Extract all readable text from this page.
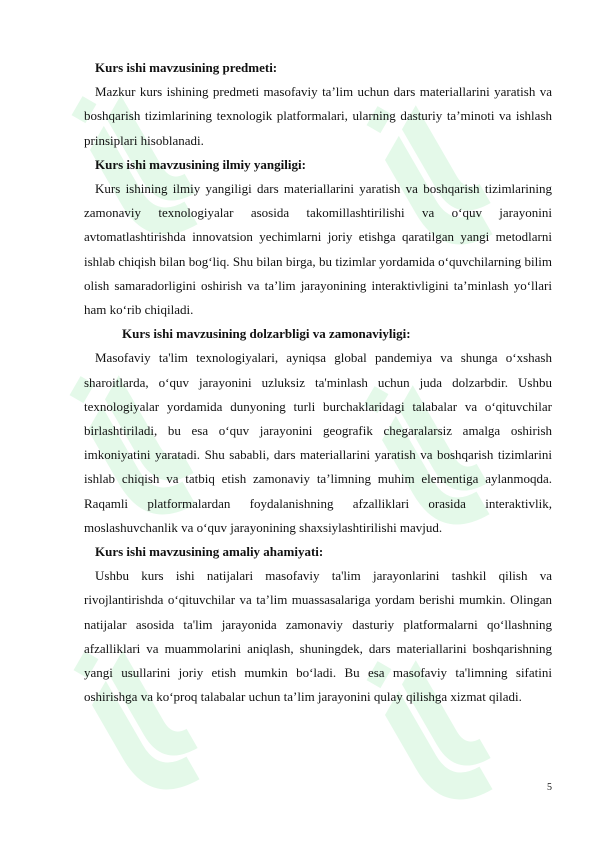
Kurs ishi mavzusining predmeti:

Mazkur kurs ishining predmeti masofaviy ta’lim uchun dars materiallarini yaratish va boshqarish tizimlarining texnologik platformalari, ularning dasturiy ta’minoti va ishlash prinsiplari hisoblanadi.

Kurs ishi mavzusining ilmiy yangiligi:

Kurs ishining ilmiy yangiligi dars materiallarini yaratish va boshqarish tizimlarining zamonaviy texnologiyalar asosida takomillashtirilishi va o‘quv jarayonini avtomatlashtirishda innovatsion yechimlarni joriy etishga qaratilgan yangi metodlarni ishlab chiqish bilan bog‘liq. Shu bilan birga, bu tizimlar yordamida o‘quvchilarning bilim olish samaradorligini oshirish va ta’lim jarayonining interaktivligini ta’minlash yo‘llari ham ko‘rib chiqiladi.

Kurs ishi mavzusining dolzarbligi va zamonaviyligi:

Masofaviy ta'lim texnologiyalari, ayniqsa global pandemiya va shunga o‘xshash sharoitlarda, o‘quv jarayonini uzluksiz ta'minlash uchun juda dolzarbdir. Ushbu texnologiyalar yordamida dunyoning turli burchaklaridagi talabalar va o‘qituvchilar birlashtiriladi, bu esa o‘quv jarayonini geografik chegaralarsiz amalga oshirish imkoniyatini yaratadi. Shu sababli, dars materiallarini yaratish va boshqarish tizimlarini ishlab chiqish va tatbiq etish zamonaviy ta’limning muhim elementiga aylanmoqda. Raqamli platformalardan foydalanishning afzalliklari orasida interaktivlik, moslashuvchanlik va o‘quv jarayonining shaxsiylashtirilishi mavjud.

Kurs ishi mavzusining amaliy ahamiyati:

Ushbu kurs ishi natijalari masofaviy ta'lim jarayonlarini tashkil qilish va rivojlantirishda o‘qituvchilar va ta’lim muassasalariga yordam berishi mumkin. Olingan natijalar asosida ta'lim jarayonida zamonaviy dasturiy platformalarni qo‘llashning afzalliklari va muammolarini aniqlash, shuningdek, dars materiallarini boshqarishning yangi usullarini joriy etish mumkin bo‘ladi. Bu esa masofaviy ta'limning sifatini oshirishga va ko‘proq talabalar uchun ta’lim jarayonini qulay qilishga xizmat qiladi.

5
